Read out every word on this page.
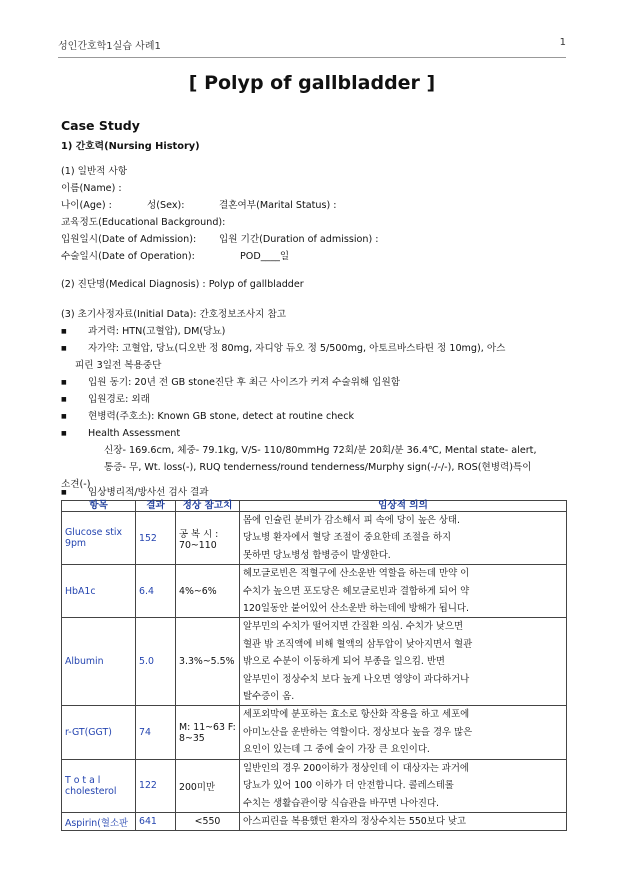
성인간호학1실습 사례1	1
[ Polyp of gallbladder ]
Case Study
1) 간호력(Nursing History)
(1) 일반적 사항
이름(Name) :
나이(Age) :	성(Sex):	결혼여부(Marital Status) :
교육정도(Educational Background):
입원일시(Date of Admission): 입원 기간(Duration of admission) :
수술일시(Date of Operation):	POD____일
(2) 진단명(Medical Diagnosis) : Polyp of gallbladder
(3) 초기사정자료(Initial Data): 간호정보조사지 참고
■ 과거력: HTN(고혈압), DM(당뇨)
■ 자가약: 고혈압, 당뇨(디오반 정 80mg, 자디앙 듀오 정 5/500mg, 아토르바스타틴 정 10mg), 아스
피린 3일전 복용중단
■ 입원 동기: 20년 전 GB stone진단 후 최근 사이즈가 커져 수술위해 입원함
■ 입원경로: 외래
■ 현병력(주호소): Known GB stone, detect at routine check
■ Health Assessment
신장- 169.6cm, 체중- 79.1kg, V/S- 110/80mmHg 72회/분 20회/분 36.4℃, Mental state- alert,
통증- 무, Wt. loss(-), RUQ tenderness/round tenderness/Murphy sign(-/-/-), ROS(현병력)특이
소견(-)
■ 임상병리적/방사선 검사 결과
항목	결과	정상 참고치	임상적 의의
Glucose stix 9pm	152	공 복 시 : 70~110	몸에 인슐린 분비가 감소해서 피 속에 당이 높은 상태.
당뇨병 환자에서 혈당 조절이 중요한데 조절을 하지
못하면 당뇨병성 합병증이 발생한다.

HbA1c	6.4	4%~6%	헤모글로빈은 적혈구에 산소운반 역할을 하는데 만약 이
수치가 높으면 포도당은 헤모글로빈과 결합하게 되어 약
120일동안 붙어있어 산소운반 하는데에 방해가 됩니다.

Albumin	5.0	3.3%~5.5%	알부민의 수치가 떨어지면 간질환 의심. 수치가 낮으면
혈관 밖 조직액에 비해 혈액의 삼투압이 낮아지면서 혈관
밖으로 수분이 이동하게 되어 부종을 일으킴. 반면
알부민이 정상수치 보다 높게 나오면 영양이 과다하거나
탈수증이 옴.

r-GT(GGT)	74	M: 11~63 F: 8~35	세포외막에 분포하는 효소로 항산화 작용을 하고 세포에
아미노산을 운반하는 역할이다. 정상보다 높을 경우 많은
요인이 있는데 그 중에 술이 가장 큰 요인이다.

T o t a l cholesterol	122	200미만	일반인의 경우 200이하가 정상인데 이 대상자는 과거에
당뇨가 있어 100 이하가 더 안전합니다. 콜레스테롤
수치는 생활습관이랑 식습관을 바꾸면 나아진다.

Aspirin(혈소판	641	<550	아스피린을 복용했던 환자의 정상수치는 550보다 낮고
